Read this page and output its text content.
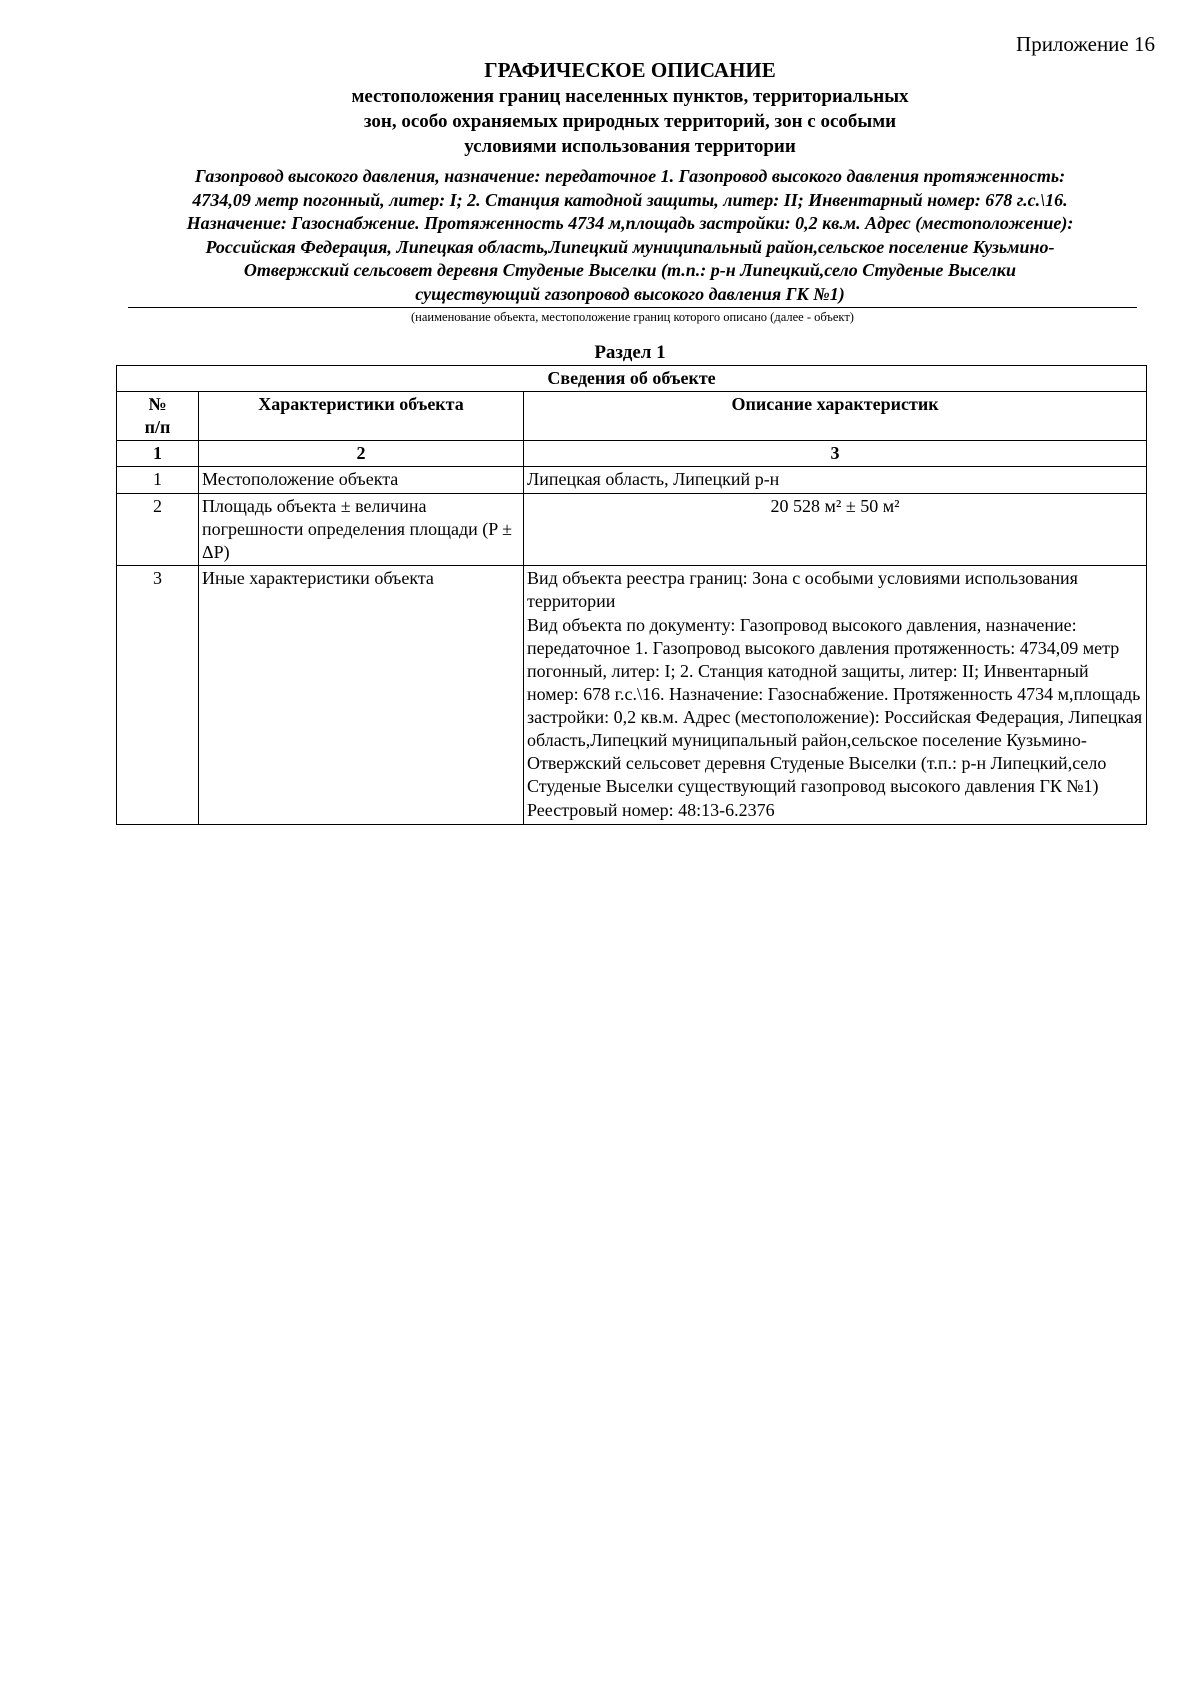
Приложение 16
ГРАФИЧЕСКОЕ ОПИСАНИЕ
местоположения границ населенных пунктов, территориальных
зон, особо охраняемых природных территорий, зон с особыми
условиями использования территории
Газопровод высокого давления, назначение: передаточное 1. Газопровод высокого давления протяженность:
4734,09 метр погонный, литер: I; 2. Станция катодной защиты, литер: II; Инвентарный номер: 678 г.с.\16.
Назначение: Газоснабжение. Протяженность 4734 м,площадь застройки: 0,2 кв.м. Адрес (местоположение):
Российская Федерация, Липецкая область,Липецкий муниципальный район,сельское поселение Кузьмино-
Отвержский сельсовет деревня Студеные Выселки (т.п.: р-н Липецкий,село Студеные Выселки
существующий газопровод высокого давления ГК №1)
(наименование объекта, местоположение границ которого описано (далее - объект)
Раздел 1
Сведения об объекте		
№
п/п	Характеристики объекта	Описание характеристик
1	2	3
1	Местоположение объекта	Липецкая область, Липецкий р-н

2	Площадь объекта ± величина погрешности определения площади (P ± ΔP)	20 528 м² ± 50 м²
3	Иные характеристики объекта	Вид объекта реестра границ: Зона с особыми условиями использования территории
Вид объекта по документу: Газопровод высокого давления, назначение: передаточное 1. Газопровод высокого давления протяженность: 4734,09 метр погонный, литер: I; 2. Станция катодной защиты, литер: II; Инвентарный номер: 678 г.с.\16. Назначение: Газоснабжение. Протяженность 4734 м,площадь застройки: 0,2 кв.м. Адрес (местоположение): Российская Федерация, Липецкая область,Липецкий муниципальный район,сельское поселение Кузьмино-Отвержский сельсовет деревня Студеные Выселки (т.п.: р-н Липецкий,село Студеные Выселки существующий газопровод высокого давления ГК №1)
Реестровый номер: 48:13-6.2376
